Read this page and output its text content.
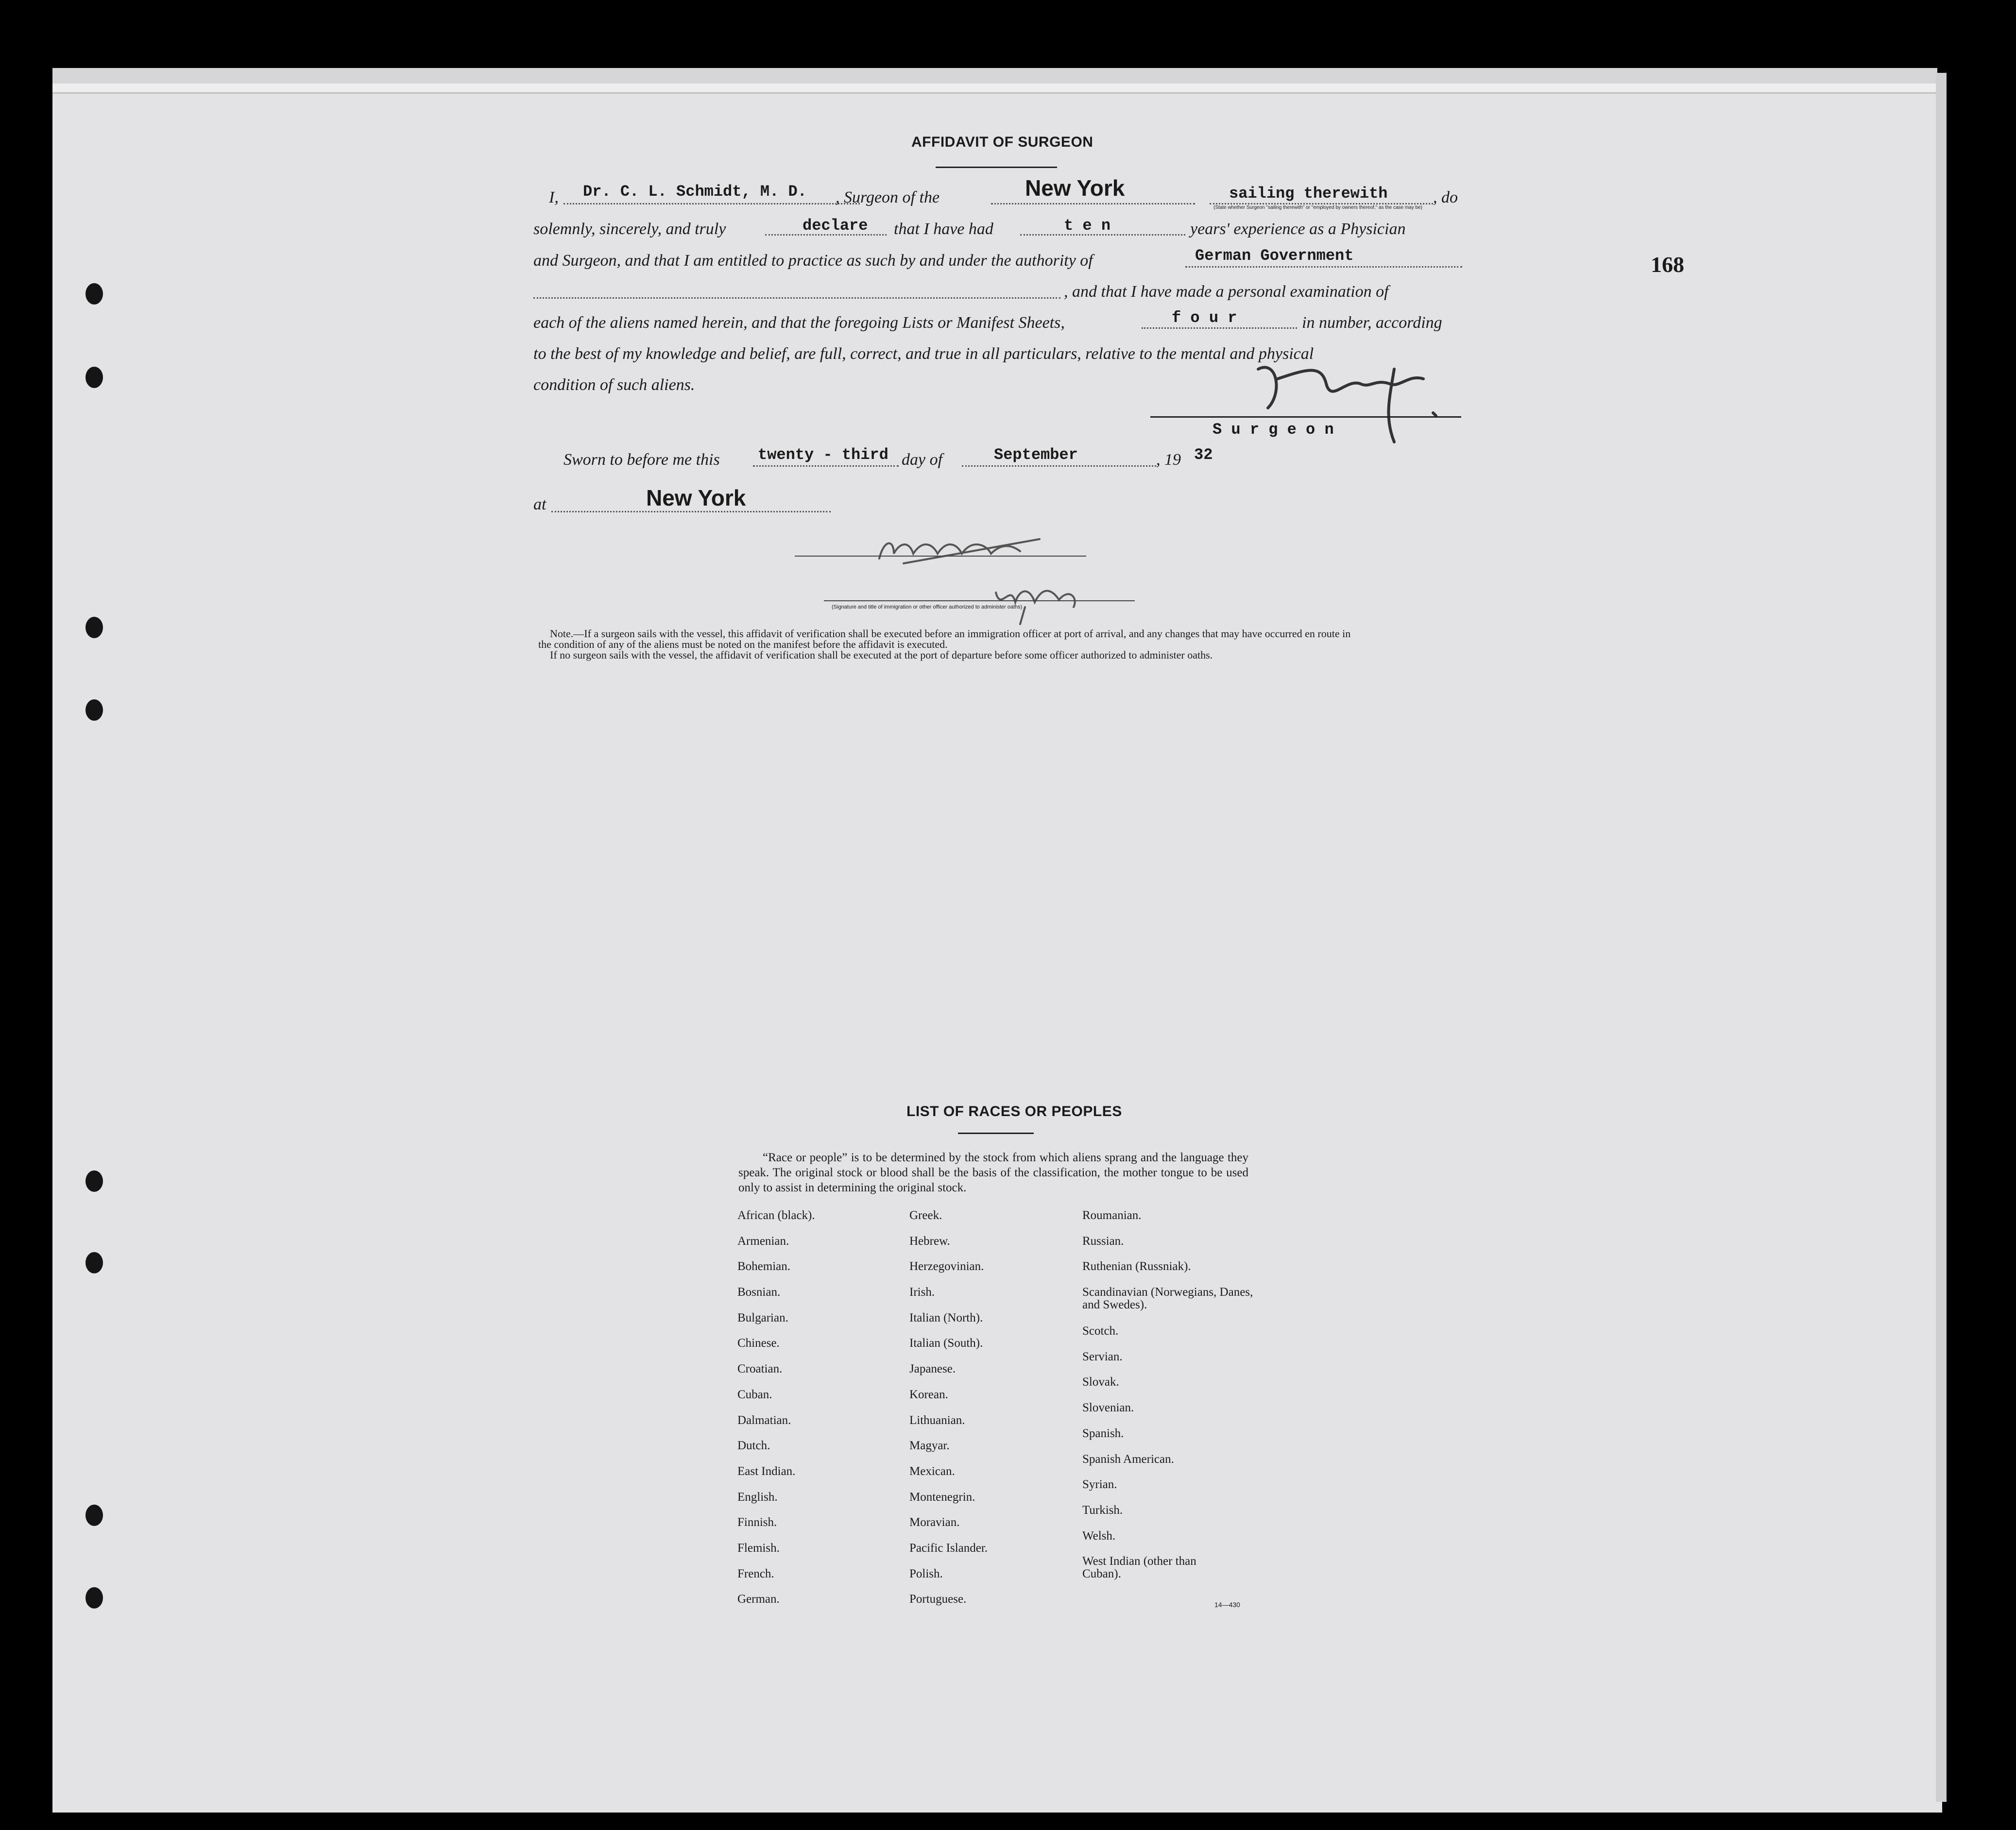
168
AFFIDAVIT OF SURGEON
I, Dr. C. L. Schmidt, M. D. , Surgeon of the	New York	sailing therewith	, do
(State whether Surgeon "sailing therewith" or "employed by owners thereof," as the case may be)
solemnly, sincerely, and truly	declare that I have had	t e n	years' experience as a Physician
and Surgeon, and that I am entitled to practice as such by and under the authority of	German Government
, and that I have made a personal examination of
each of the aliens named herein, and that the foregoing Lists or Manifest Sheets,	f o u r	in number, according
to the best of my knowledge and belief, are full, correct, and true in all particulars, relative to the mental and physical
condition of such aliens.
S u r g e o n
Sworn to before me this twenty - third day of	September	, 19 32
at	New York
(Signature and title of immigration or other officer authorized to administer oaths)
Note.—If a surgeon sails with the vessel, this affidavit of verification shall be executed before an immigration officer at port of arrival, and any changes that may have occurred en route in
the condition of any of the aliens must be noted on the manifest before the affidavit is executed.
If no surgeon sails with the vessel, the affidavit of verification shall be executed at the port of departure before some officer authorized to administer oaths.
LIST OF RACES OR PEOPLES
“Race or people” is to be determined by the stock from which aliens sprang and the language they speak. The original stock or blood shall be the basis of the classification, the mother tongue to be used only to assist in determining the original stock.
African (black).
Armenian.
Bohemian.
Bosnian.
Bulgarian.
Chinese.
Croatian.
Cuban.
Dalmatian.
Dutch.
East Indian.
English.
Finnish.
Flemish.
French.
German.
Greek.
Hebrew.
Herzegovinian.
Irish.
Italian (North).
Italian (South).
Japanese.
Korean.
Lithuanian.
Magyar.
Mexican.
Montenegrin.
Moravian.
Pacific Islander.
Polish.
Portuguese.
Roumanian.
Russian.
Ruthenian (Russniak).
Scandinavian (Norwegians, Danes, and Swedes).
Scotch.
Servian.
Slovak.
Slovenian.
Spanish.
Spanish American.
Syrian.
Turkish.
Welsh.
West Indian (other than Cuban).
14—430
